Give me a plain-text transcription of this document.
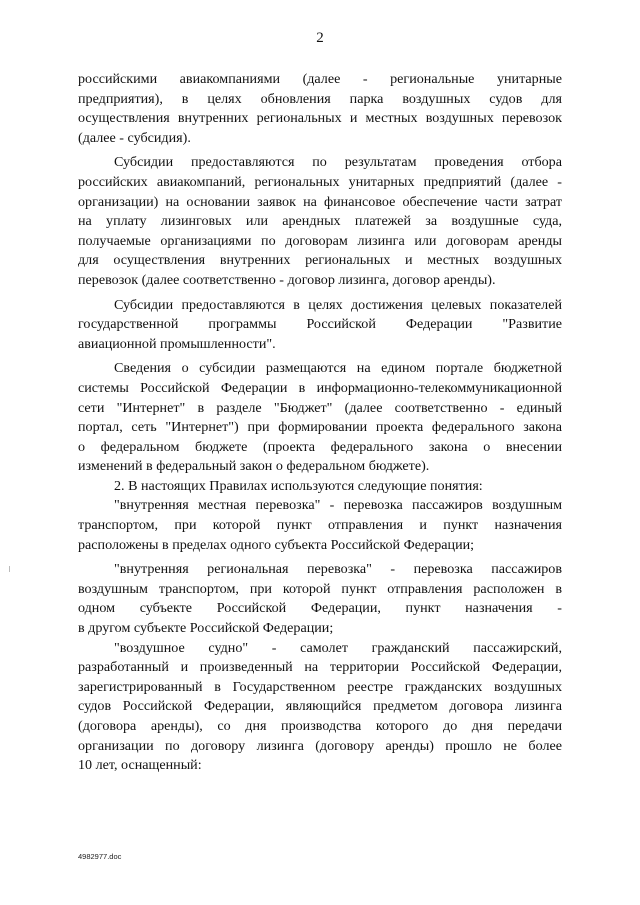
2
российскими авиакомпаниями (далее - региональные унитарные
предприятия), в целях обновления парка воздушных судов для
осуществления внутренних региональных и местных воздушных перевозок
(далее - субсидия).
Субсидии предоставляются по результатам проведения отбора
российских авиакомпаний, региональных унитарных предприятий (далее -
организации) на основании заявок на финансовое обеспечение части затрат
на уплату лизинговых или арендных платежей за воздушные суда,
получаемые организациями по договорам лизинга или договорам аренды
для осуществления внутренних региональных и местных воздушных
перевозок (далее соответственно - договор лизинга, договор аренды).
Субсидии предоставляются в целях достижения целевых показателей
государственной программы Российской Федерации "Развитие
авиационной промышленности".
Сведения о субсидии размещаются на едином портале бюджетной
системы Российской Федерации в информационно-телекоммуникационной
сети "Интернет" в разделе "Бюджет" (далее соответственно - единый
портал, сеть "Интернет") при формировании проекта федерального закона
о федеральном бюджете (проекта федерального закона о внесении
изменений в федеральный закон о федеральном бюджете).
2. В настоящих Правилах используются следующие понятия:
"внутренняя местная перевозка" - перевозка пассажиров воздушным
транспортом, при которой пункт отправления и пункт назначения
расположены в пределах одного субъекта Российской Федерации;
"внутренняя региональная перевозка" - перевозка пассажиров
воздушным транспортом, при которой пункт отправления расположен в
одном субъекте Российской Федерации, пункт назначения -
в другом субъекте Российской Федерации;
"воздушное судно" - самолет гражданский пассажирский,
разработанный и произведенный на территории Российской Федерации,
зарегистрированный в Государственном реестре гражданских воздушных
судов Российской Федерации, являющийся предметом договора лизинга
(договора аренды), со дня производства которого до дня передачи
организации по договору лизинга (договору аренды) прошло не более
10 лет, оснащенный:
4982977.doc
